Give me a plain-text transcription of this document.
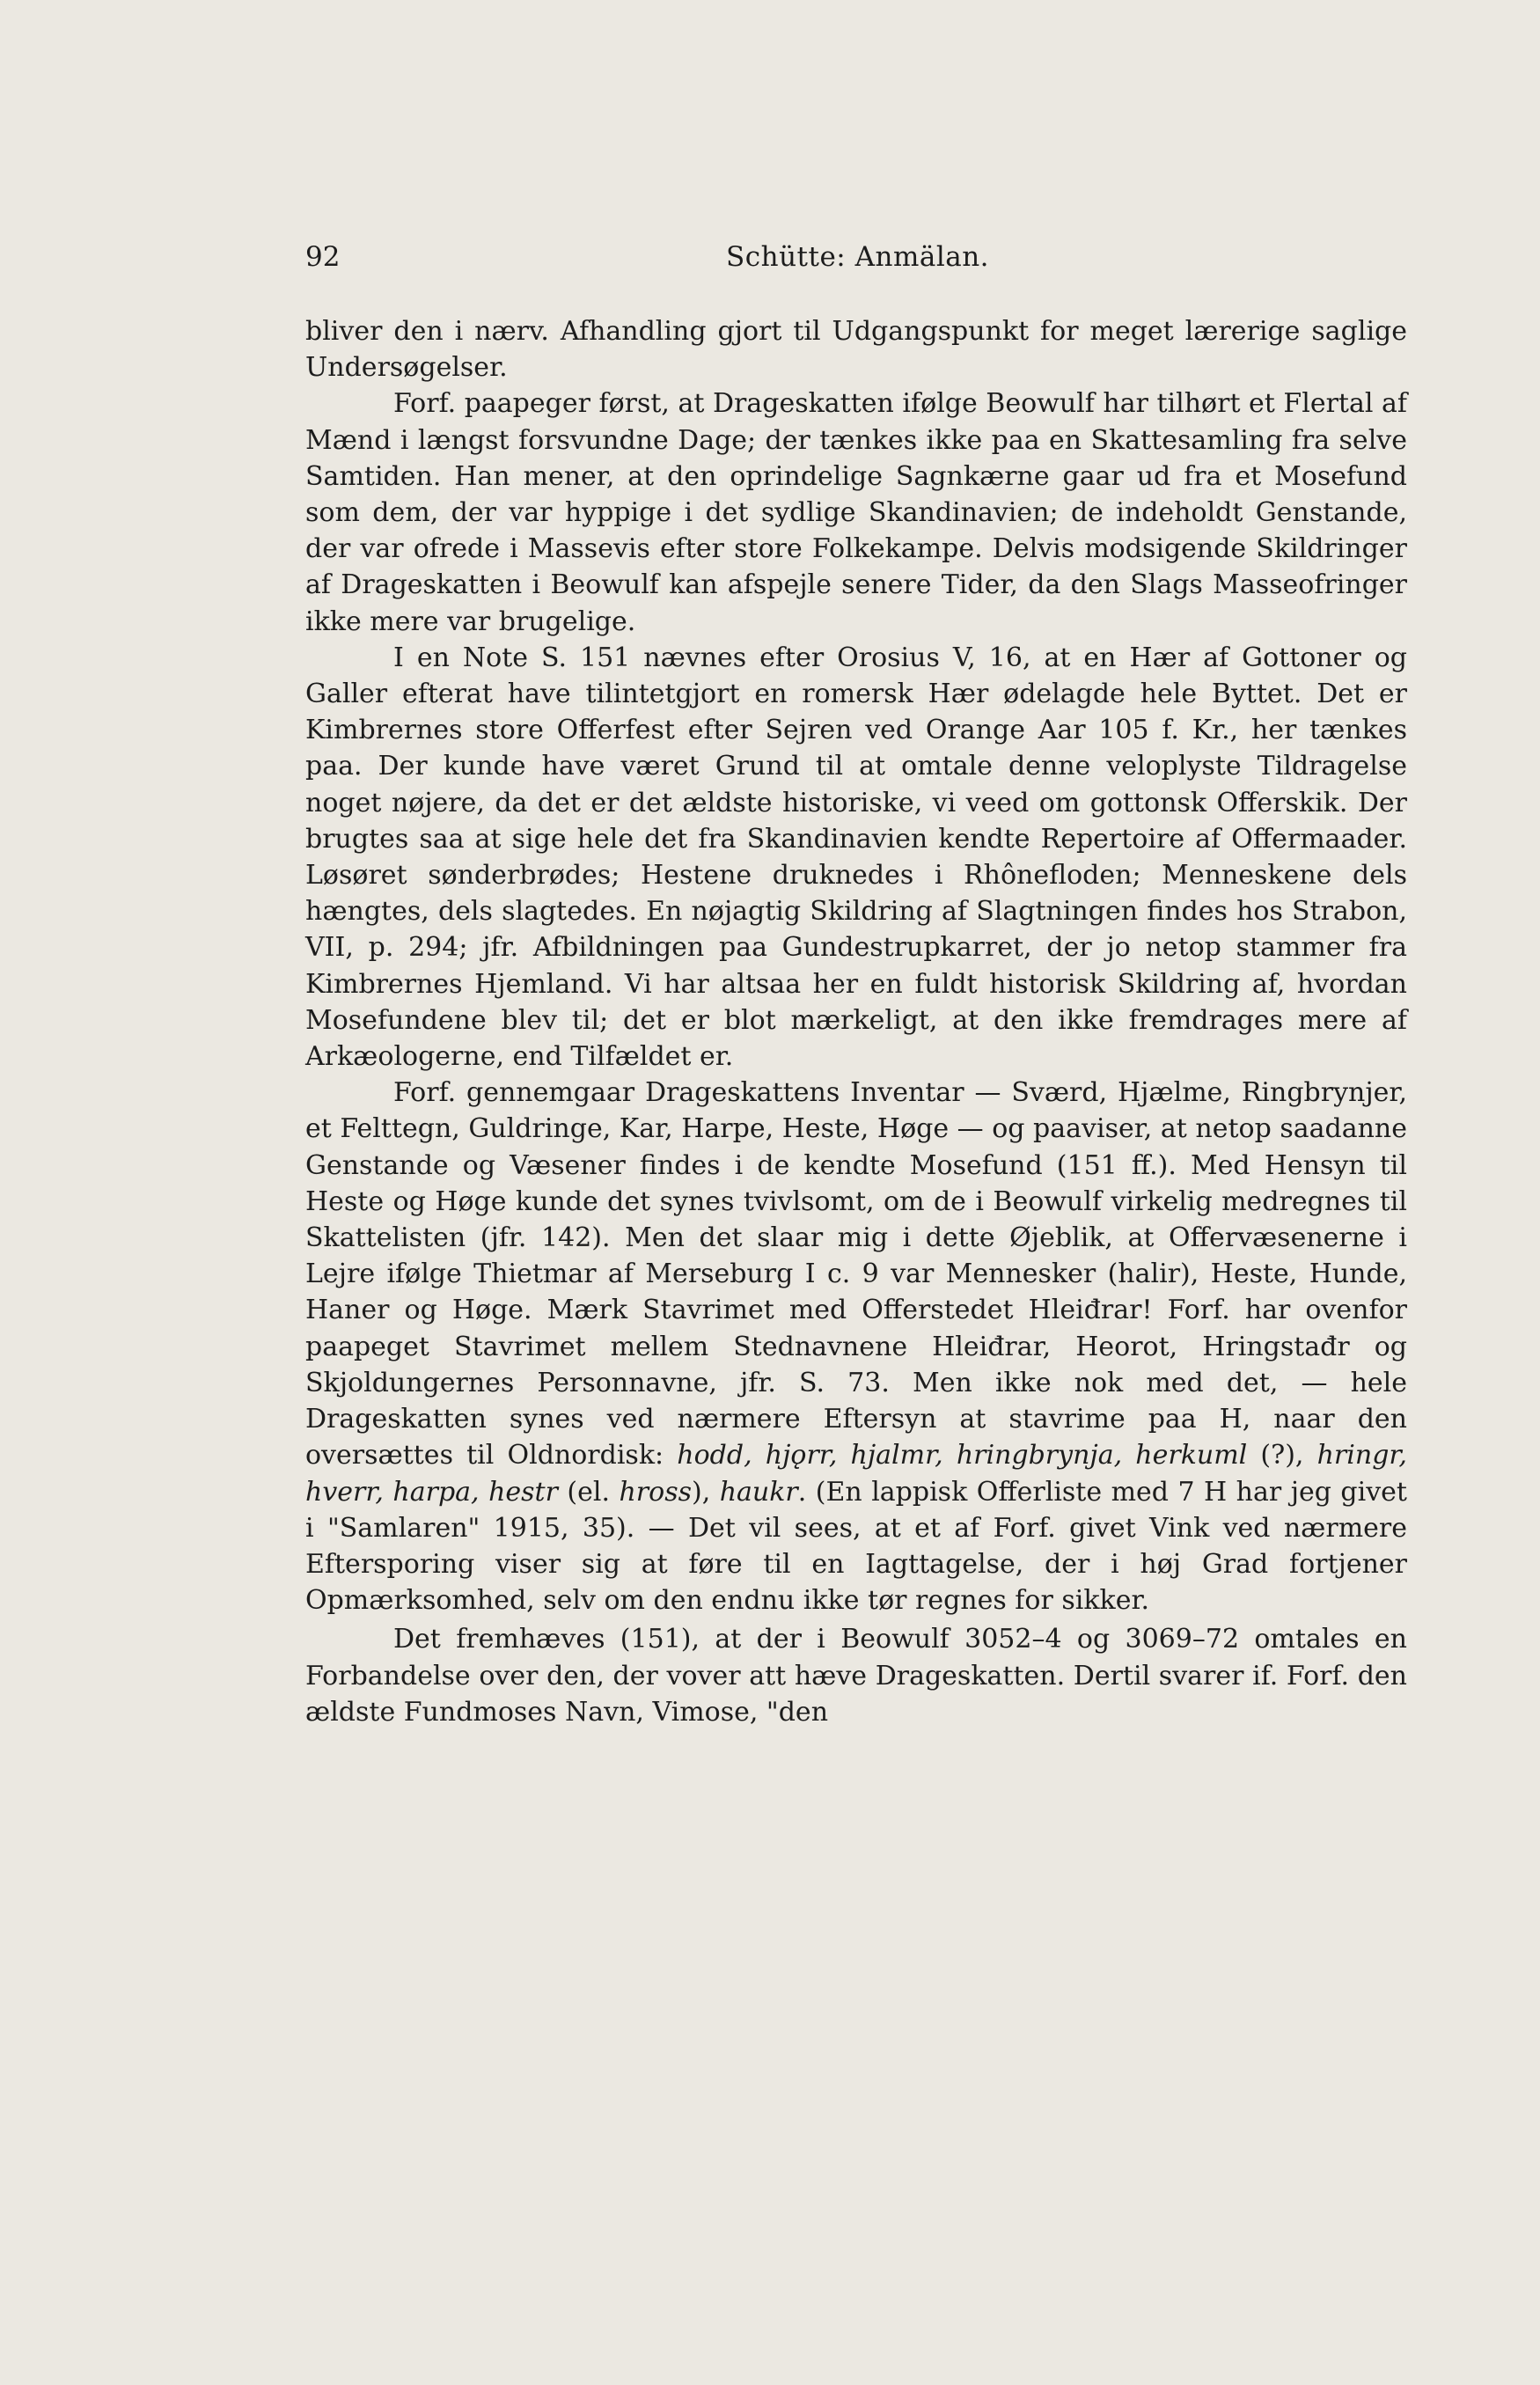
92	Schütte: Anmälan.

bliver den i nærv. Afhandling gjort til Udgangspunkt for meget lærerige saglige Undersøgelser.

Forf. paapeger først, at Drageskatten ifølge Beowulf har tilhørt et Flertal af Mænd i længst forsvundne Dage; der tænkes ikke paa en Skattesamling fra selve Samtiden. Han mener, at den oprindelige Sagnkærne gaar ud fra et Mosefund som dem, der var hyppige i det sydlige Skandinavien; de indeholdt Genstande, der var ofrede i Massevis efter store Folkekampe. Delvis modsigende Skildringer af Drageskatten i Beowulf kan afspejle senere Tider, da den Slags Masseofringer ikke mere var brugelige.

I en Note S. 151 nævnes efter Orosius V, 16, at en Hær af Gottoner og Galler efterat have tilintetgjort en romersk Hær ødelagde hele Byttet. Det er Kimbrernes store Offerfest efter Sejren ved Orange Aar 105 f. Kr., her tænkes paa. Der kunde have været Grund til at omtale denne veloplyste Tildragelse noget nøjere, da det er det ældste historiske, vi veed om gottonsk Offerskik. Der brugtes saa at sige hele det fra Skandinavien kendte Repertoire af Offermaader. Løsøret sønderbrødes; Hestene druknedes i Rhônefloden; Menneskene dels hængtes, dels slagtedes. En nøjagtig Skildring af Slagtningen findes hos Strabon, VII, p. 294; jfr. Afbildningen paa Gundestrupkarret, der jo netop stammer fra Kimbrernes Hjemland. Vi har altsaa her en fuldt historisk Skildring af, hvordan Mosefundene blev til; det er blot mærkeligt, at den ikke fremdrages mere af Arkæologerne, end Tilfældet er.

Forf. gennemgaar Drageskattens Inventar — Sværd, Hjælme, Ringbrynjer, et Felttegn, Guldringe, Kar, Harpe, Heste, Høge — og paaviser, at netop saadanne Genstande og Væsener findes i de kendte Mosefund (151 ff.). Med Hensyn til Heste og Høge kunde det synes tvivlsomt, om de i Beowulf virkelig medregnes til Skattelisten (jfr. 142). Men det slaar mig i dette Øjeblik, at Offervæsenerne i Lejre ifølge Thietmar af Merseburg I c. 9 var Mennesker (halir), Heste, Hunde, Haner og Høge. Mærk Stavrimet med Offerstedet Hleiđrar! Forf. har ovenfor paapeget Stavrimet mellem Stednavnene Hleiđrar, Heorot, Hringstađr og Skjoldungernes Personnavne, jfr. S. 73. Men ikke nok med det, — hele Drageskatten synes ved nærmere Eftersyn at stavrime paa H, naar den oversættes til Oldnordisk: hodd, hjǫrr, hjalmr, hringbrynja, herkuml (?), hringr, hverr, harpa, hestr (el. hross), haukr. (En lappisk Offerliste med 7 H har jeg givet i "Samlaren" 1915, 35). — Det vil sees, at et af Forf. givet Vink ved nærmere Eftersporing viser sig at føre til en Iagttagelse, der i høj Grad fortjener Opmærksomhed, selv om den endnu ikke tør regnes for sikker.

Det fremhæves (151), at der i Beowulf 3052–4 og 3069–72 omtales en Forbandelse over den, der vover att hæve Drageskatten. Dertil svarer if. Forf. den ældste Fundmoses Navn, Vimose, "den
